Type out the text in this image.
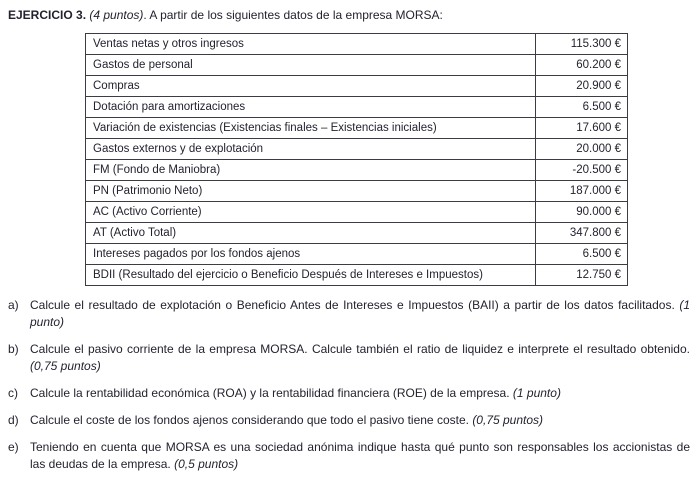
EJERCICIO 3. (4 puntos). A partir de los siguientes datos de la empresa MORSA:

Ventas netas y otros ingresos	115.300 €
Gastos de personal	60.200 €
Compras	20.900 €
Dotación para amortizaciones	6.500 €
Variación de existencias (Existencias finales – Existencias iniciales)	17.600 €
Gastos externos y de explotación	20.000 €
FM (Fondo de Maniobra)	-20.500 €
PN (Patrimonio Neto)	187.000 €
AC (Activo Corriente)	90.000 €
AT (Activo Total)	347.800 €
Intereses pagados por los fondos ajenos	6.500 €
BDII (Resultado del ejercicio o Beneficio Después de Intereses e Impuestos)	12.750 €
a) Calcule el resultado de explotación o Beneficio Antes de Intereses e Impuestos (BAII) a partir de los datos facilitados. (1 punto)
b) Calcule el pasivo corriente de la empresa MORSA. Calcule también el ratio de liquidez e interprete el resultado obtenido. (0,75 puntos)
c)	Calcule la rentabilidad económica (ROA) y la rentabilidad financiera (ROE) de la empresa. (1 punto)
d) Calcule el coste de los fondos ajenos considerando que todo el pasivo tiene coste. (0,75 puntos)
e) Teniendo en cuenta que MORSA es una sociedad anónima indique hasta qué punto son responsables los accionistas de las deudas de la empresa. (0,5 puntos)
